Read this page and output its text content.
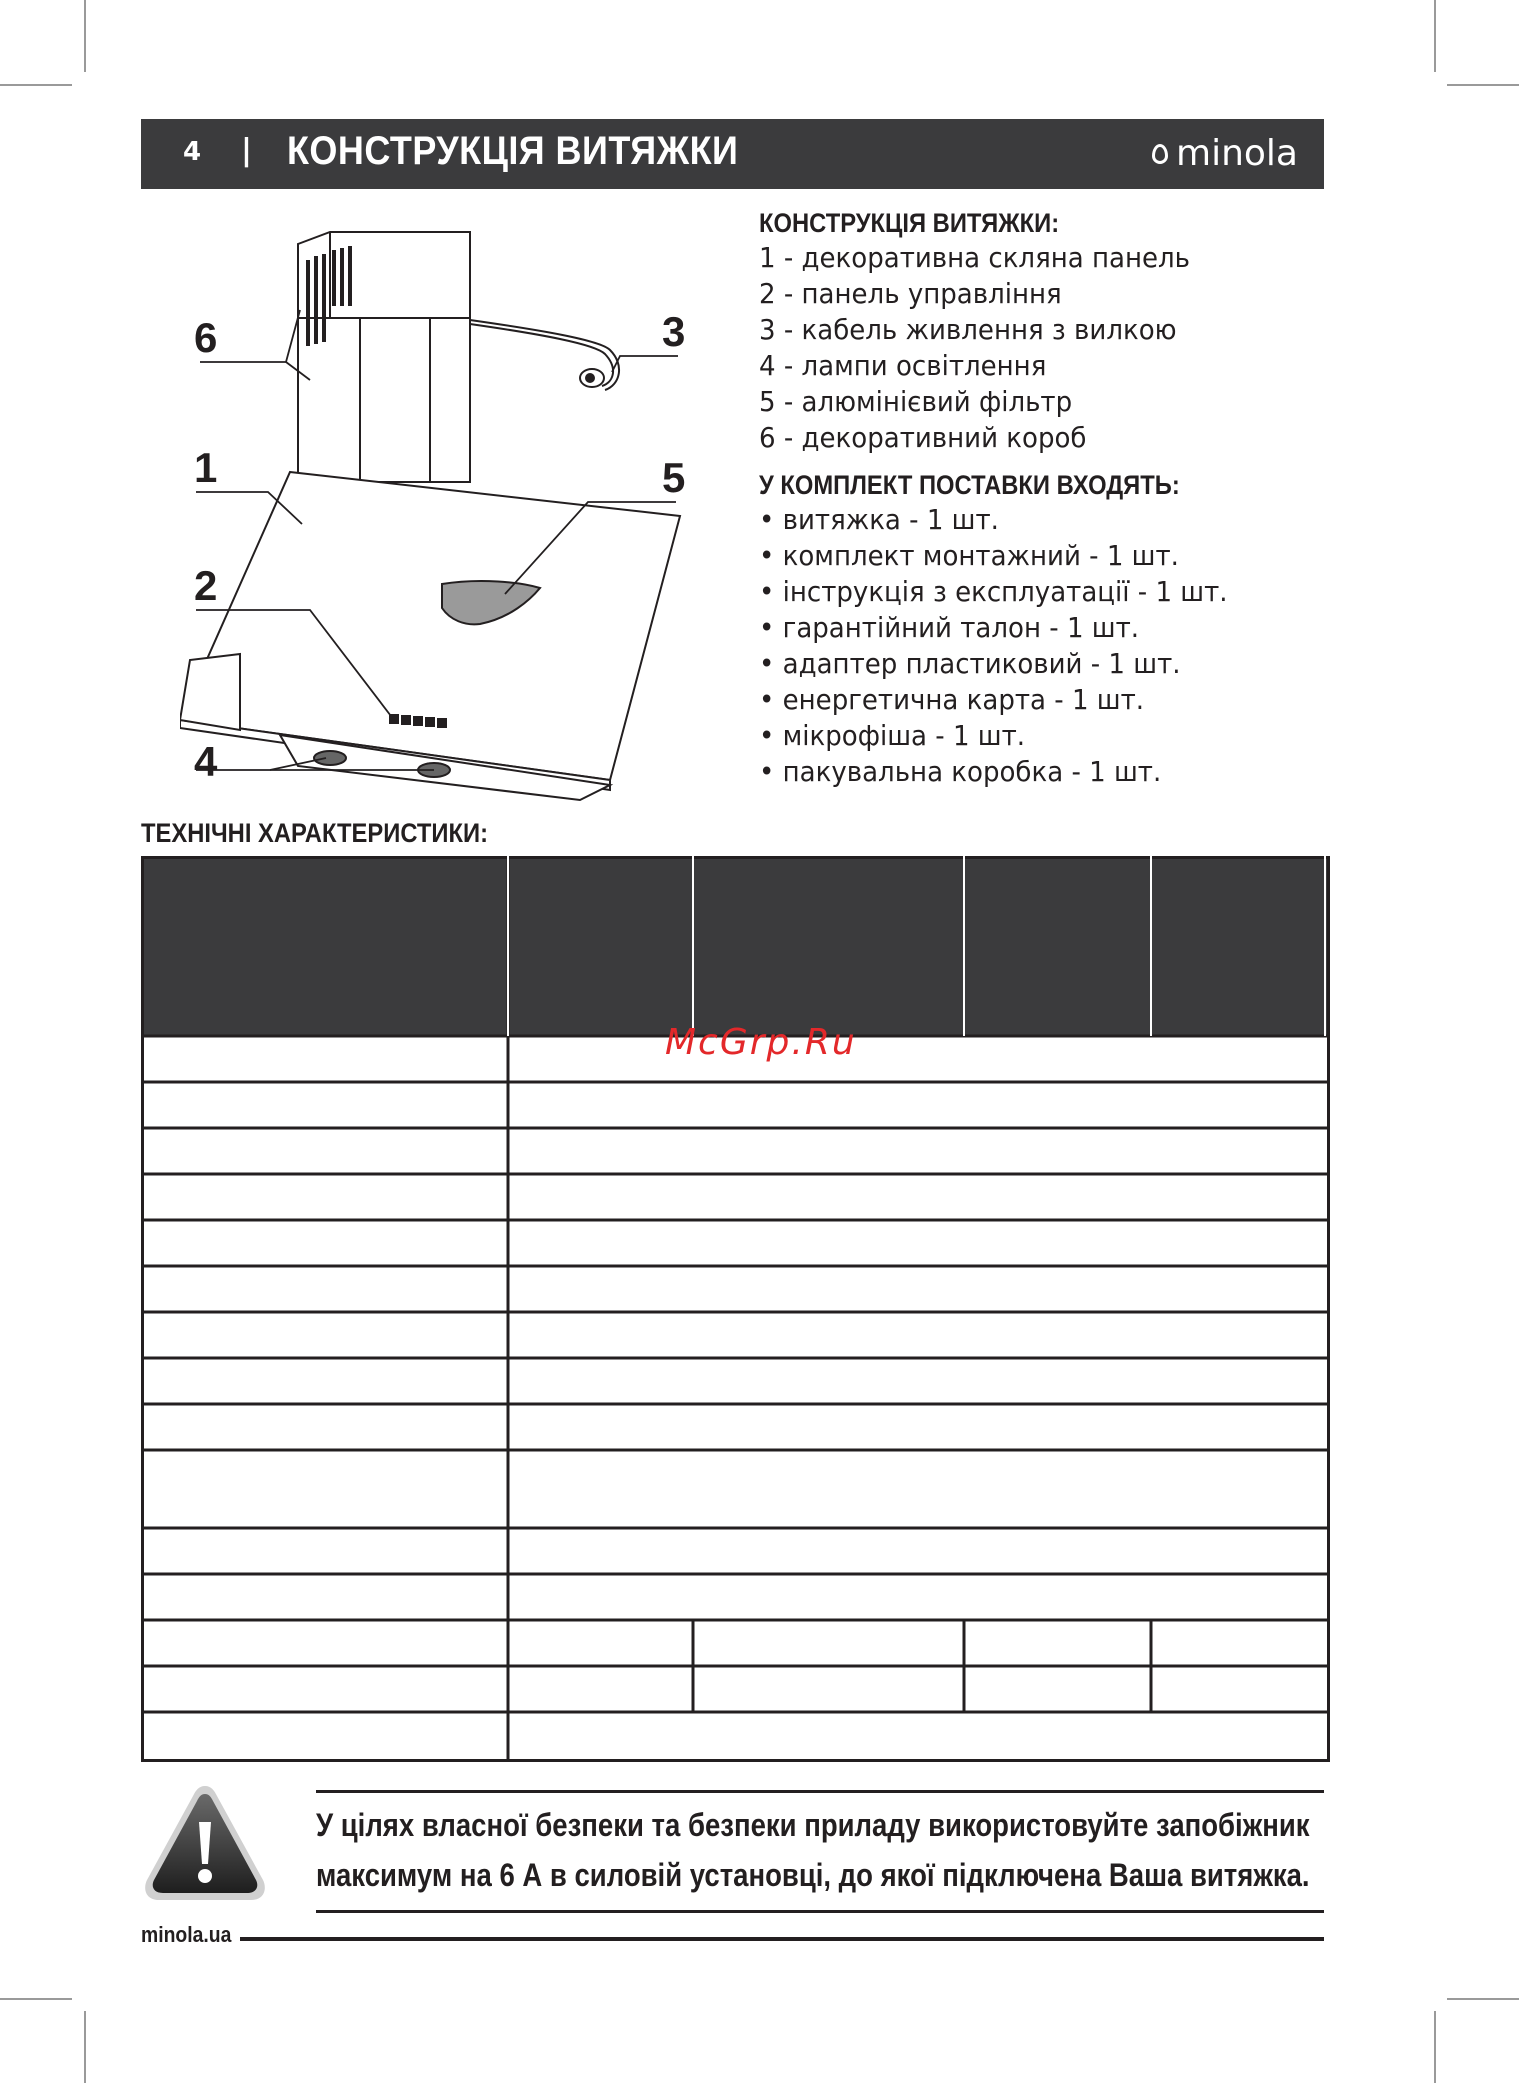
4 | КОНСТРУКЦІЯ ВИТЯЖКИ	minola
6	3
1	5
2
4
КОНСТРУКЦІЯ ВИТЯЖКИ:
1 - декоративна скляна панель
2 - панель управління
3 - кабель живлення з вилкою
4 - лампи освітлення
5 - алюмінієвий фільтр
6 - декоративний короб
У КОМПЛЕКТ ПОСТАВКИ ВХОДЯТЬ:
• витяжка - 1 шт.
• комплект монтажний - 1 шт.
• інструкція з експлуатації - 1 шт.
• гарантійний талон - 1 шт.
• адаптер пластиковий - 1 шт.
• енергетична карта - 1 шт.
• мікрофіша - 1 шт.
• пакувальна коробка - 1 шт.
ТЕХНІЧНІ ХАРАКТЕРИСТИКИ:
McGrp.Ru
У цілях власної безпеки та безпеки приладу використовуйте запобіжник
максимум на 6 А в силовій установці, до якої підключена Ваша витяжка.
minola.ua
